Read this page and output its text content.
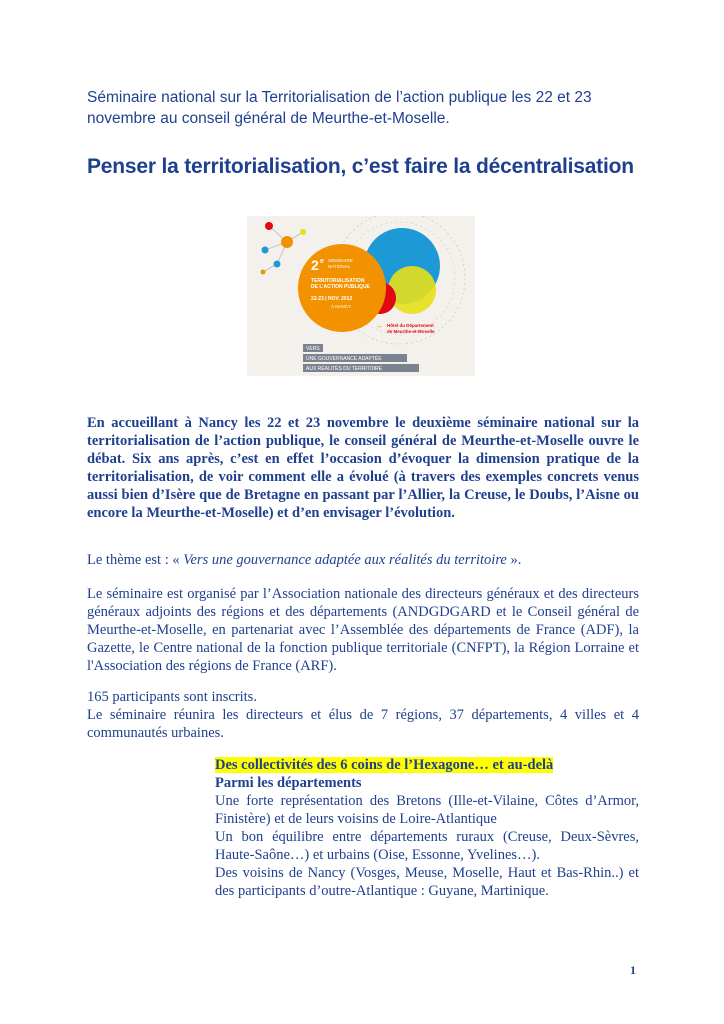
Séminaire national sur la Territorialisation de l’action publique les 22 et 23 novembre au conseil général de Meurthe-et-Moselle.
Penser la territorialisation, c’est faire la décentralisation
2 e SÉMINAIRE
NATIONAL
TERRITORIALISATION
DE L’ACTION PUBLIQUE
22-23 | NOV. 2012
À NANCY
→ Hôtel du Département
de Meurthe-et-Moselle
VERS
UNE GOUVERNANCE ADAPTÉE
AUX RÉALITÉS DU TERRITOIRE
En accueillant à Nancy les 22 et 23 novembre le deuxième séminaire national sur la territorialisation de l’action publique, le conseil général de Meurthe-et-Moselle ouvre le débat. Six ans après, c’est en effet l’occasion d’évoquer la dimension pratique de la territorialisation, de voir comment elle a évolué (à travers des exemples concrets venus aussi bien d’Isère que de Bretagne en passant par l’Allier, la Creuse, le Doubs, l’Aisne ou encore la Meurthe-et-Moselle) et d’en envisager l’évolution.
Le thème est : « Vers une gouvernance adaptée aux réalités du territoire ».
Le séminaire est organisé par l’Association nationale des directeurs généraux et des directeurs généraux adjoints des régions et des départements (ANDGDGARD et le Conseil général de Meurthe-et-Moselle, en partenariat avec l’Assemblée des départements de France (ADF), la Gazette, le Centre national de la fonction publique territoriale (CNFPT), la Région Lorraine et l'Association des régions de France (ARF).
165 participants sont inscrits.
Le séminaire réunira les directeurs et élus de 7 régions, 37 départements, 4 villes et 4 communautés urbaines.
Des collectivités des 6 coins de l’Hexagone… et au-delà
Parmi les départements
Une forte représentation des Bretons (Ille-et-Vilaine, Côtes d’Armor, Finistère) et de leurs voisins de Loire-Atlantique
Un bon équilibre entre départements ruraux (Creuse, Deux-Sèvres, Haute-Saône…) et urbains (Oise, Essonne, Yvelines…).
Des voisins de Nancy (Vosges, Meuse, Moselle, Haut et Bas-Rhin..) et des participants d’outre-Atlantique : Guyane, Martinique.
1
